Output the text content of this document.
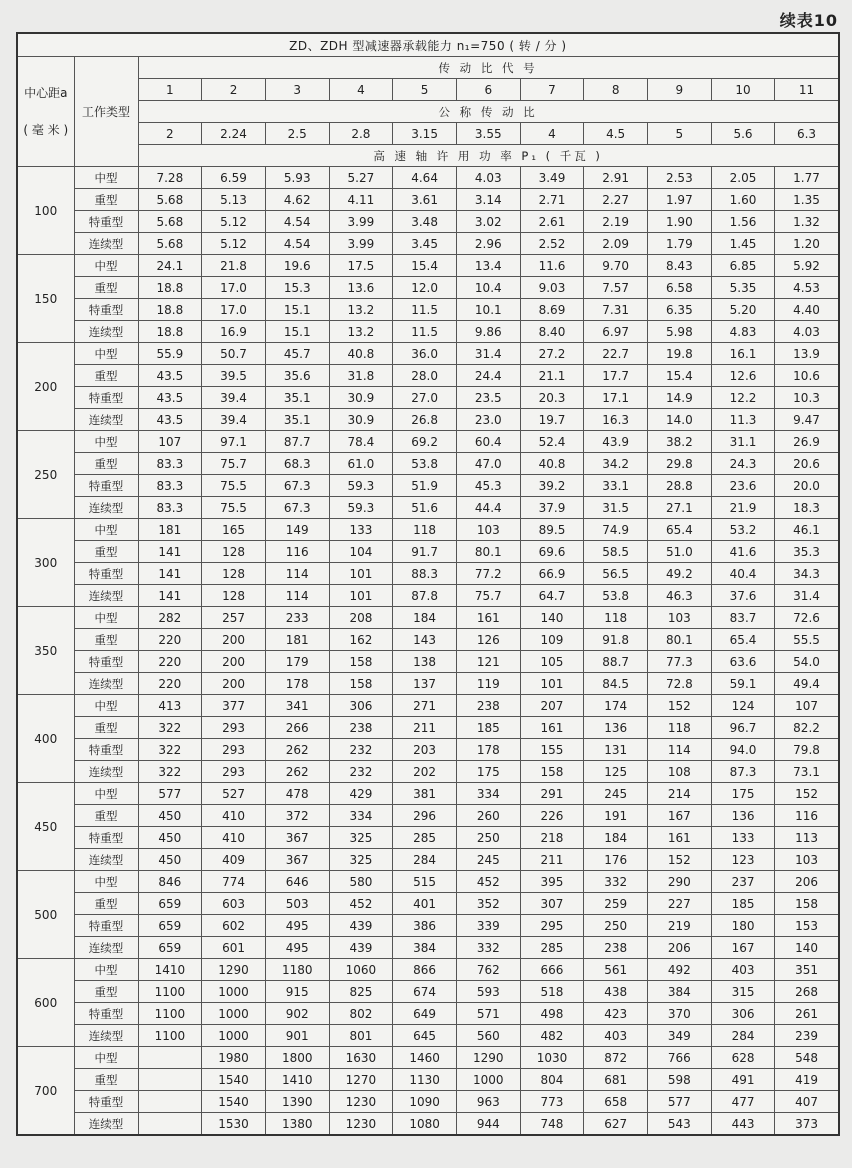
续表10
ZD、ZDH 型减速器承载能力 n₁=750 ( 转 / 分 )												

中心距a
( 毫 米 )	工作类型	传 动 比 代 号										
		1	2	3	4	5	6	7	8	9	10	11
		公 称 传 动 比										
		2	2.24	2.5	2.8	3.15	3.55	4	4.5	5	5.6	6.3
		高 速 轴 许 用 功 率 P₁ ( 千瓦 )										
100	中型	7.28	6.59	5.93	5.27	4.64	4.03	3.49	2.91	2.53	2.05	1.77
	重型	5.68	5.13	4.62	4.11	3.61	3.14	2.71	2.27	1.97	1.60	1.35
	特重型	5.68	5.12	4.54	3.99	3.48	3.02	2.61	2.19	1.90	1.56	1.32
	连续型	5.68	5.12	4.54	3.99	3.45	2.96	2.52	2.09	1.79	1.45	1.20
150	中型	24.1	21.8	19.6	17.5	15.4	13.4	11.6	9.70	8.43	6.85	5.92
	重型	18.8	17.0	15.3	13.6	12.0	10.4	9.03	7.57	6.58	5.35	4.53
	特重型	18.8	17.0	15.1	13.2	11.5	10.1	8.69	7.31	6.35	5.20	4.40
	连续型	18.8	16.9	15.1	13.2	11.5	9.86	8.40	6.97	5.98	4.83	4.03
200	中型	55.9	50.7	45.7	40.8	36.0	31.4	27.2	22.7	19.8	16.1	13.9
	重型	43.5	39.5	35.6	31.8	28.0	24.4	21.1	17.7	15.4	12.6	10.6
	特重型	43.5	39.4	35.1	30.9	27.0	23.5	20.3	17.1	14.9	12.2	10.3
	连续型	43.5	39.4	35.1	30.9	26.8	23.0	19.7	16.3	14.0	11.3	9.47
250	中型	107	97.1	87.7	78.4	69.2	60.4	52.4	43.9	38.2	31.1	26.9
	重型	83.3	75.7	68.3	61.0	53.8	47.0	40.8	34.2	29.8	24.3	20.6
	特重型	83.3	75.5	67.3	59.3	51.9	45.3	39.2	33.1	28.8	23.6	20.0
	连续型	83.3	75.5	67.3	59.3	51.6	44.4	37.9	31.5	27.1	21.9	18.3
300	中型	181	165	149	133	118	103	89.5	74.9	65.4	53.2	46.1
	重型	141	128	116	104	91.7	80.1	69.6	58.5	51.0	41.6	35.3
	特重型	141	128	114	101	88.3	77.2	66.9	56.5	49.2	40.4	34.3
	连续型	141	128	114	101	87.8	75.7	64.7	53.8	46.3	37.6	31.4
350	中型	282	257	233	208	184	161	140	118	103	83.7	72.6
	重型	220	200	181	162	143	126	109	91.8	80.1	65.4	55.5
	特重型	220	200	179	158	138	121	105	88.7	77.3	63.6	54.0
	连续型	220	200	178	158	137	119	101	84.5	72.8	59.1	49.4
400	中型	413	377	341	306	271	238	207	174	152	124	107
	重型	322	293	266	238	211	185	161	136	118	96.7	82.2
	特重型	322	293	262	232	203	178	155	131	114	94.0	79.8
	连续型	322	293	262	232	202	175	158	125	108	87.3	73.1
450	中型	577	527	478	429	381	334	291	245	214	175	152
	重型	450	410	372	334	296	260	226	191	167	136	116
	特重型	450	410	367	325	285	250	218	184	161	133	113
	连续型	450	409	367	325	284	245	211	176	152	123	103
500	中型	846	774	646	580	515	452	395	332	290	237	206
	重型	659	603	503	452	401	352	307	259	227	185	158
	特重型	659	602	495	439	386	339	295	250	219	180	153
	连续型	659	601	495	439	384	332	285	238	206	167	140
600	中型	1410	1290	1180	1060	866	762	666	561	492	403	351
	重型	1100	1000	915	825	674	593	518	438	384	315	268
	特重型	1100	1000	902	802	649	571	498	423	370	306	261
	连续型	1100	1000	901	801	645	560	482	403	349	284	239
700	中型		1980	1800	1630	1460	1290	1030	872	766	628	548
	重型		1540	1410	1270	1130	1000	804	681	598	491	419
	特重型		1540	1390	1230	1090	963	773	658	577	477	407
	连续型		1530	1380	1230	1080	944	748	627	543	443	373
